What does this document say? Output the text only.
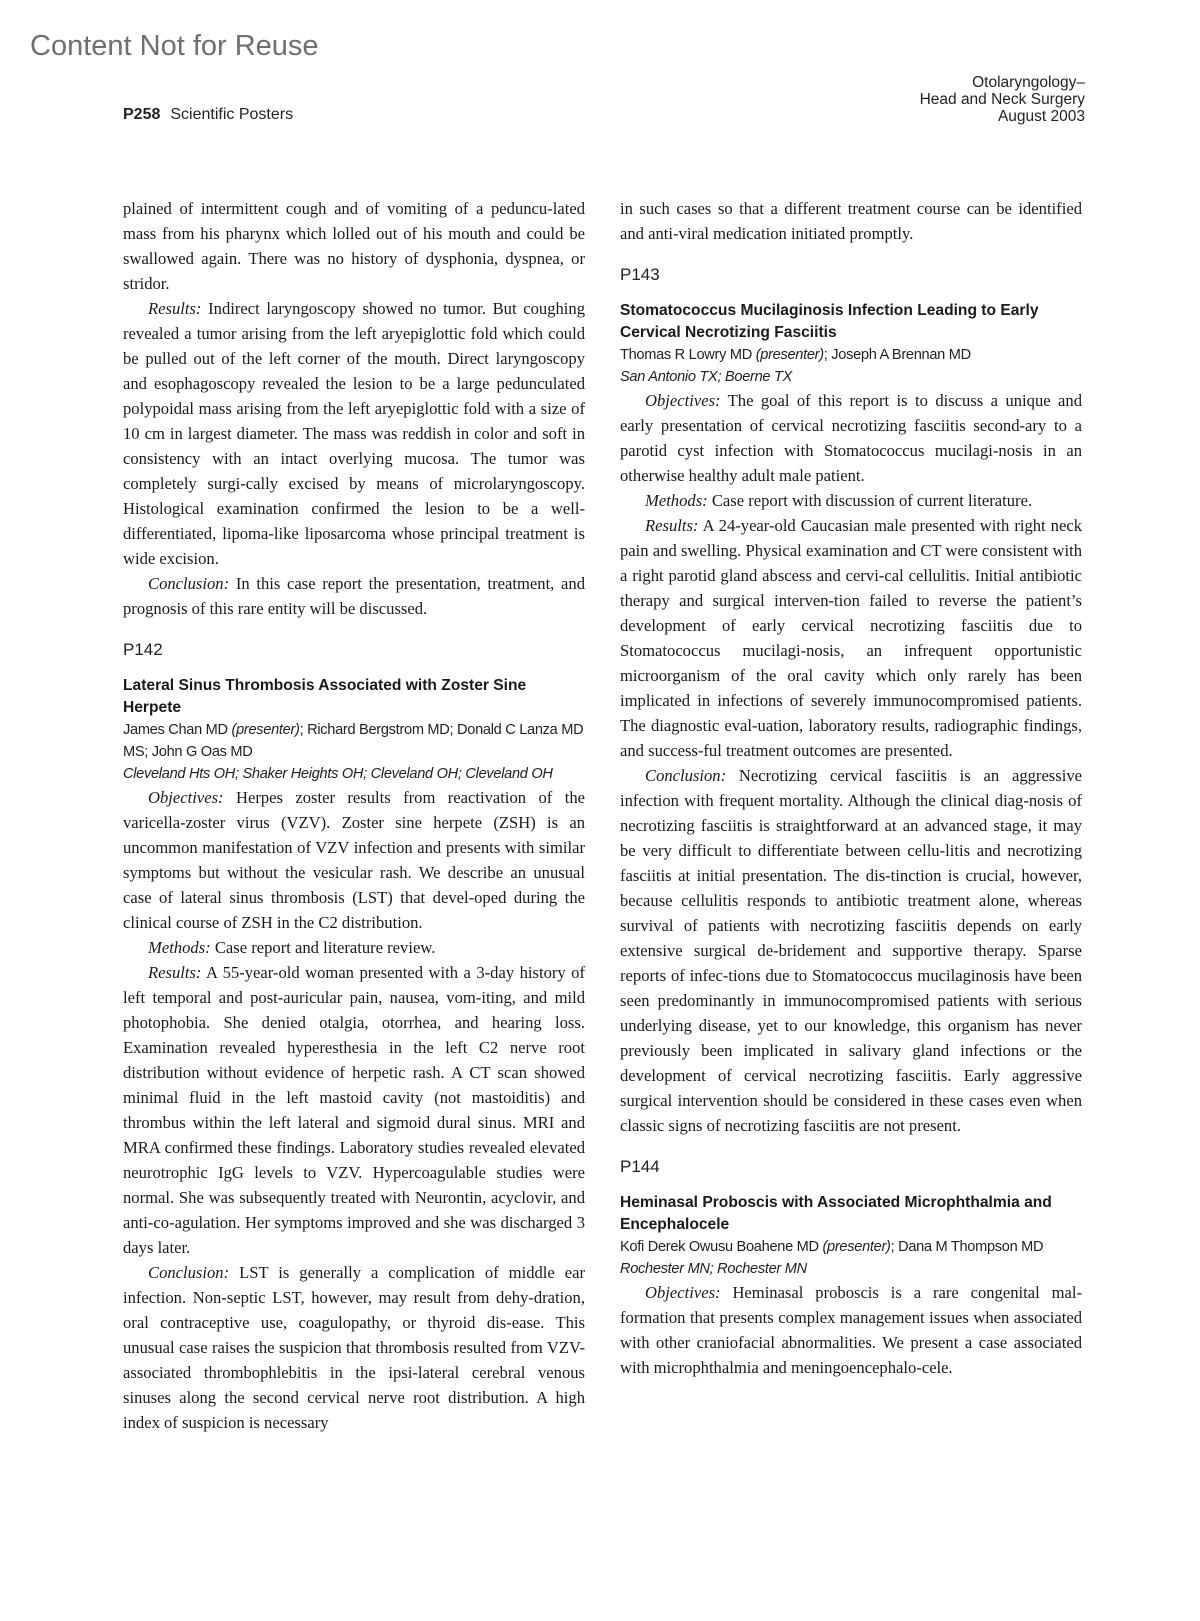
Content Not for Reuse
P258 Scientific Posters
Otolaryngology–
Head and Neck Surgery
August 2003

plained of intermittent cough and of vomiting of a peduncu-lated mass from his pharynx which lolled out of his mouth and could be swallowed again. There was no history of dysphonia, dyspnea, or stridor.

Results: Indirect laryngoscopy showed no tumor. But coughing revealed a tumor arising from the left aryepiglottic fold which could be pulled out of the left corner of the mouth. Direct laryngoscopy and esophagoscopy revealed the lesion to be a large pedunculated polypoidal mass arising from the left aryepiglottic fold with a size of 10 cm in largest diameter. The mass was reddish in color and soft in consistency with an intact overlying mucosa. The tumor was completely surgi-cally excised by means of microlaryngoscopy. Histological examination confirmed the lesion to be a well-differentiated, lipoma-like liposarcoma whose principal treatment is wide excision.

Conclusion: In this case report the presentation, treatment, and prognosis of this rare entity will be discussed.

P142

Lateral Sinus Thrombosis Associated with Zoster Sine Herpete

James Chan MD (presenter); Richard Bergstrom MD; Donald C Lanza MD MS; John G Oas MD

Cleveland Hts OH; Shaker Heights OH; Cleveland OH; Cleveland OH

Objectives: Herpes zoster results from reactivation of the varicella-zoster virus (VZV). Zoster sine herpete (ZSH) is an uncommon manifestation of VZV infection and presents with similar symptoms but without the vesicular rash. We describe an unusual case of lateral sinus thrombosis (LST) that devel-oped during the clinical course of ZSH in the C2 distribution.

Methods: Case report and literature review.

Results: A 55-year-old woman presented with a 3-day history of left temporal and post-auricular pain, nausea, vom-iting, and mild photophobia. She denied otalgia, otorrhea, and hearing loss. Examination revealed hyperesthesia in the left C2 nerve root distribution without evidence of herpetic rash. A CT scan showed minimal fluid in the left mastoid cavity (not mastoiditis) and thrombus within the left lateral and sigmoid dural sinus. MRI and MRA confirmed these findings. Laboratory studies revealed elevated neurotrophic IgG levels to VZV. Hypercoagulable studies were normal. She was subsequently treated with Neurontin, acyclovir, and anti-co-agulation. Her symptoms improved and she was discharged 3 days later.

Conclusion: LST is generally a complication of middle ear infection. Non-septic LST, however, may result from dehy-dration, oral contraceptive use, coagulopathy, or thyroid dis-ease. This unusual case raises the suspicion that thrombosis resulted from VZV-associated thrombophlebitis in the ipsi-lateral cerebral venous sinuses along the second cervical nerve root distribution. A high index of suspicion is necessary

in such cases so that a different treatment course can be identified and anti-viral medication initiated promptly.

P143

Stomatococcus Mucilaginosis Infection Leading to Early Cervical Necrotizing Fasciitis

Thomas R Lowry MD (presenter); Joseph A Brennan MD

San Antonio TX; Boerne TX

Objectives: The goal of this report is to discuss a unique and early presentation of cervical necrotizing fasciitis second-ary to a parotid cyst infection with Stomatococcus mucilagi-nosis in an otherwise healthy adult male patient.

Methods: Case report with discussion of current literature.

Results: A 24-year-old Caucasian male presented with right neck pain and swelling. Physical examination and CT were consistent with a right parotid gland abscess and cervi-cal cellulitis. Initial antibiotic therapy and surgical interven-tion failed to reverse the patient’s development of early cervical necrotizing fasciitis due to Stomatococcus mucilagi-nosis, an infrequent opportunistic microorganism of the oral cavity which only rarely has been implicated in infections of severely immunocompromised patients. The diagnostic eval-uation, laboratory results, radiographic findings, and success-ful treatment outcomes are presented.

Conclusion: Necrotizing cervical fasciitis is an aggressive infection with frequent mortality. Although the clinical diag-nosis of necrotizing fasciitis is straightforward at an advanced stage, it may be very difficult to differentiate between cellu-litis and necrotizing fasciitis at initial presentation. The dis-tinction is crucial, however, because cellulitis responds to antibiotic treatment alone, whereas survival of patients with necrotizing fasciitis depends on early extensive surgical de-bridement and supportive therapy. Sparse reports of infec-tions due to Stomatococcus mucilaginosis have been seen predominantly in immunocompromised patients with serious underlying disease, yet to our knowledge, this organism has never previously been implicated in salivary gland infections or the development of cervical necrotizing fasciitis. Early aggressive surgical intervention should be considered in these cases even when classic signs of necrotizing fasciitis are not present.

P144

Heminasal Proboscis with Associated Microphthalmia and Encephalocele

Kofi Derek Owusu Boahene MD (presenter); Dana M Thompson MD

Rochester MN; Rochester MN

Objectives: Heminasal proboscis is a rare congenital mal-formation that presents complex management issues when associated with other craniofacial abnormalities. We present a case associated with microphthalmia and meningoencephalo-cele.
